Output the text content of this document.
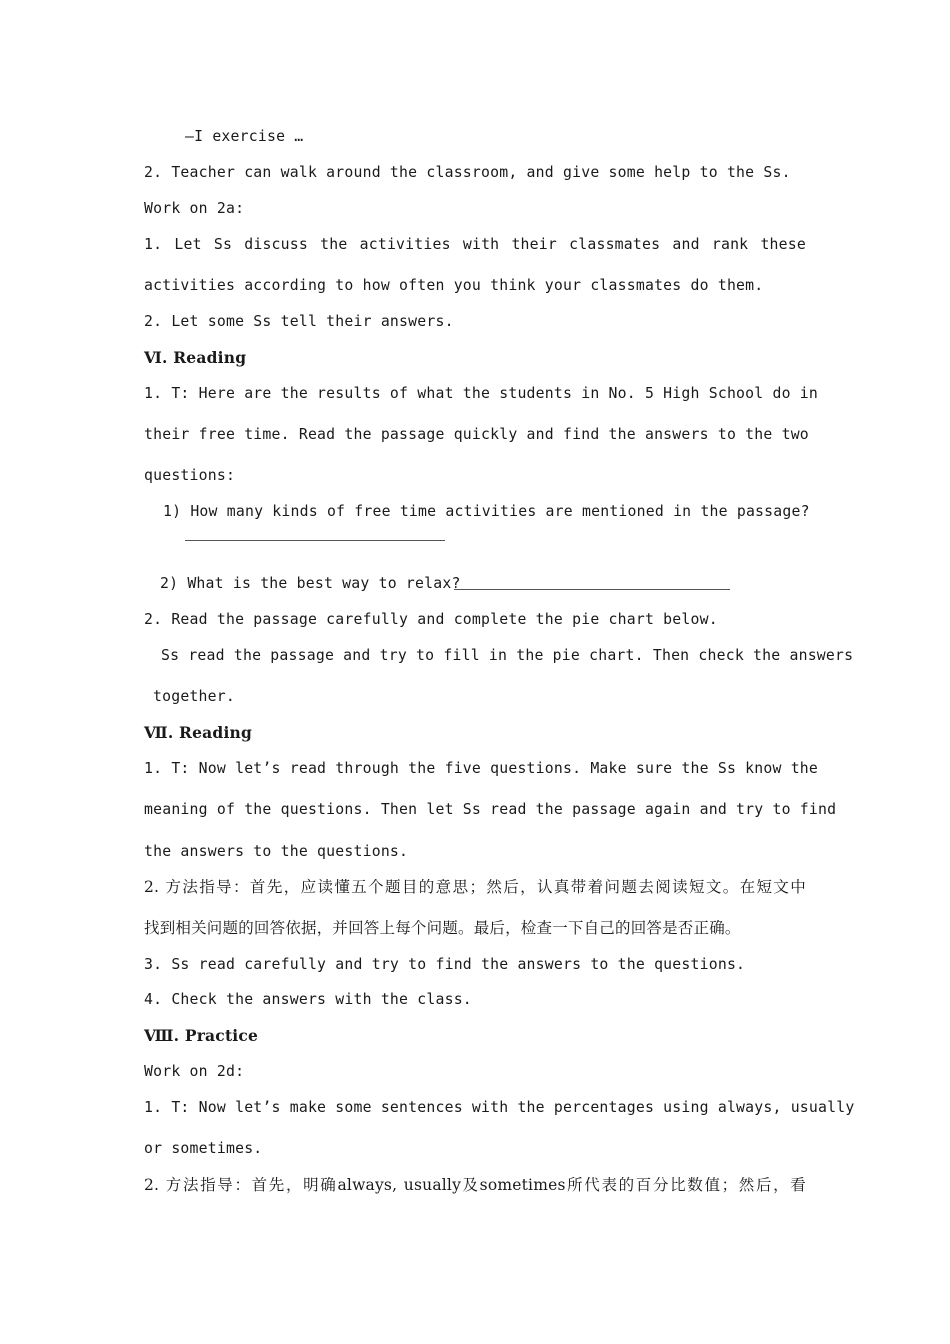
—I exercise …
2. Teacher can walk around the classroom, and give some help to the Ss.
Work on 2a:
1. Let Ss discuss the activities with their classmates and rank these
activities according to how often you think your classmates do them.
2. Let some Ss tell their answers.
Ⅵ. Reading
1. T: Here are the results of what the students in No. 5 High School do in
their free time. Read the passage quickly and find the answers to the two
questions:
1) How many kinds of free time activities are mentioned in the passage?
2) What is the best way to relax?
2. Read the passage carefully and complete the pie chart below.
Ss read the passage and try to fill in the pie chart. Then check the answers
together.
Ⅶ. Reading
1. T: Now let’s read through the five questions. Make sure the Ss know the
meaning of the questions. Then let Ss read the passage again and try to find
the answers to the questions.
2. 方法指导：首先，应读懂五个题目的意思；然后，认真带着问题去阅读短文。在短文中
找到相关问题的回答依据，并回答上每个问题。最后，检查一下自己的回答是否正确。
3. Ss read carefully and try to find the answers to the questions.
4. Check the answers with the class.
Ⅷ. Practice
Work on 2d:
1. T: Now let’s make some sentences with the percentages using always, usually
or sometimes.
2. 方法指导：首先，明确always, usually及sometimes所代表的百分比数值；然后，看
